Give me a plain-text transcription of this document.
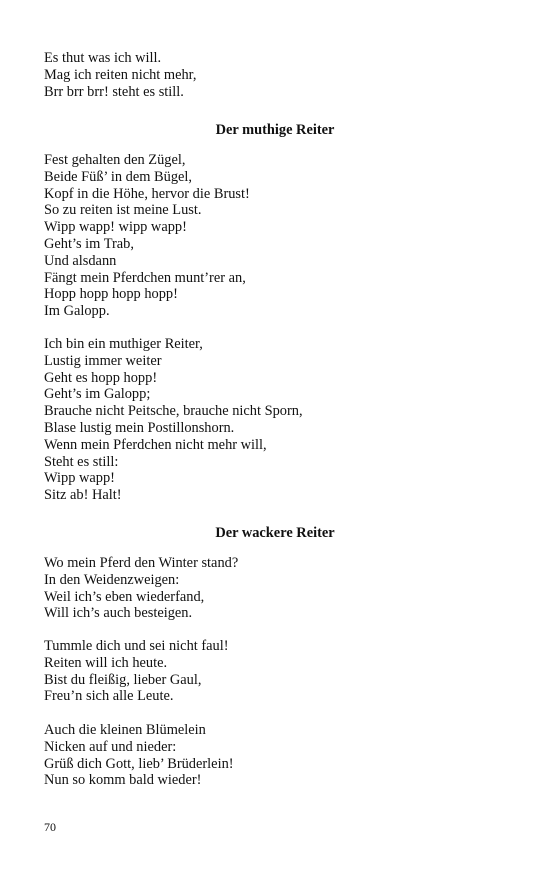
Es thut was ich will.
Mag ich reiten nicht mehr,
Brr brr brr! steht es still.
Der muthige Reiter
Fest gehalten den Zügel,
Beide Füß’ in dem Bügel,
Kopf in die Höhe, hervor die Brust!
So zu reiten ist meine Lust.
Wipp wapp! wipp wapp!
Geht’s im Trab,
Und alsdann
Fängt mein Pferdchen munt’rer an,
Hopp hopp hopp hopp!
Im Galopp.
Ich bin ein muthiger Reiter,
Lustig immer weiter
Geht es hopp hopp!
Geht’s im Galopp;
Brauche nicht Peitsche, brauche nicht Sporn,
Blase lustig mein Postillonshorn.
Wenn mein Pferdchen nicht mehr will,
Steht es still:
Wipp wapp!
Sitz ab! Halt!
Der wackere Reiter
Wo mein Pferd den Winter stand?
In den Weidenzweigen:
Weil ich’s eben wiederfand,
Will ich’s auch besteigen.
Tummle dich und sei nicht faul!
Reiten will ich heute.
Bist du fleißig, lieber Gaul,
Freu’n sich alle Leute.
Auch die kleinen Blümelein
Nicken auf und nieder:
Grüß dich Gott, lieb’ Brüderlein!
Nun so komm bald wieder!
70
